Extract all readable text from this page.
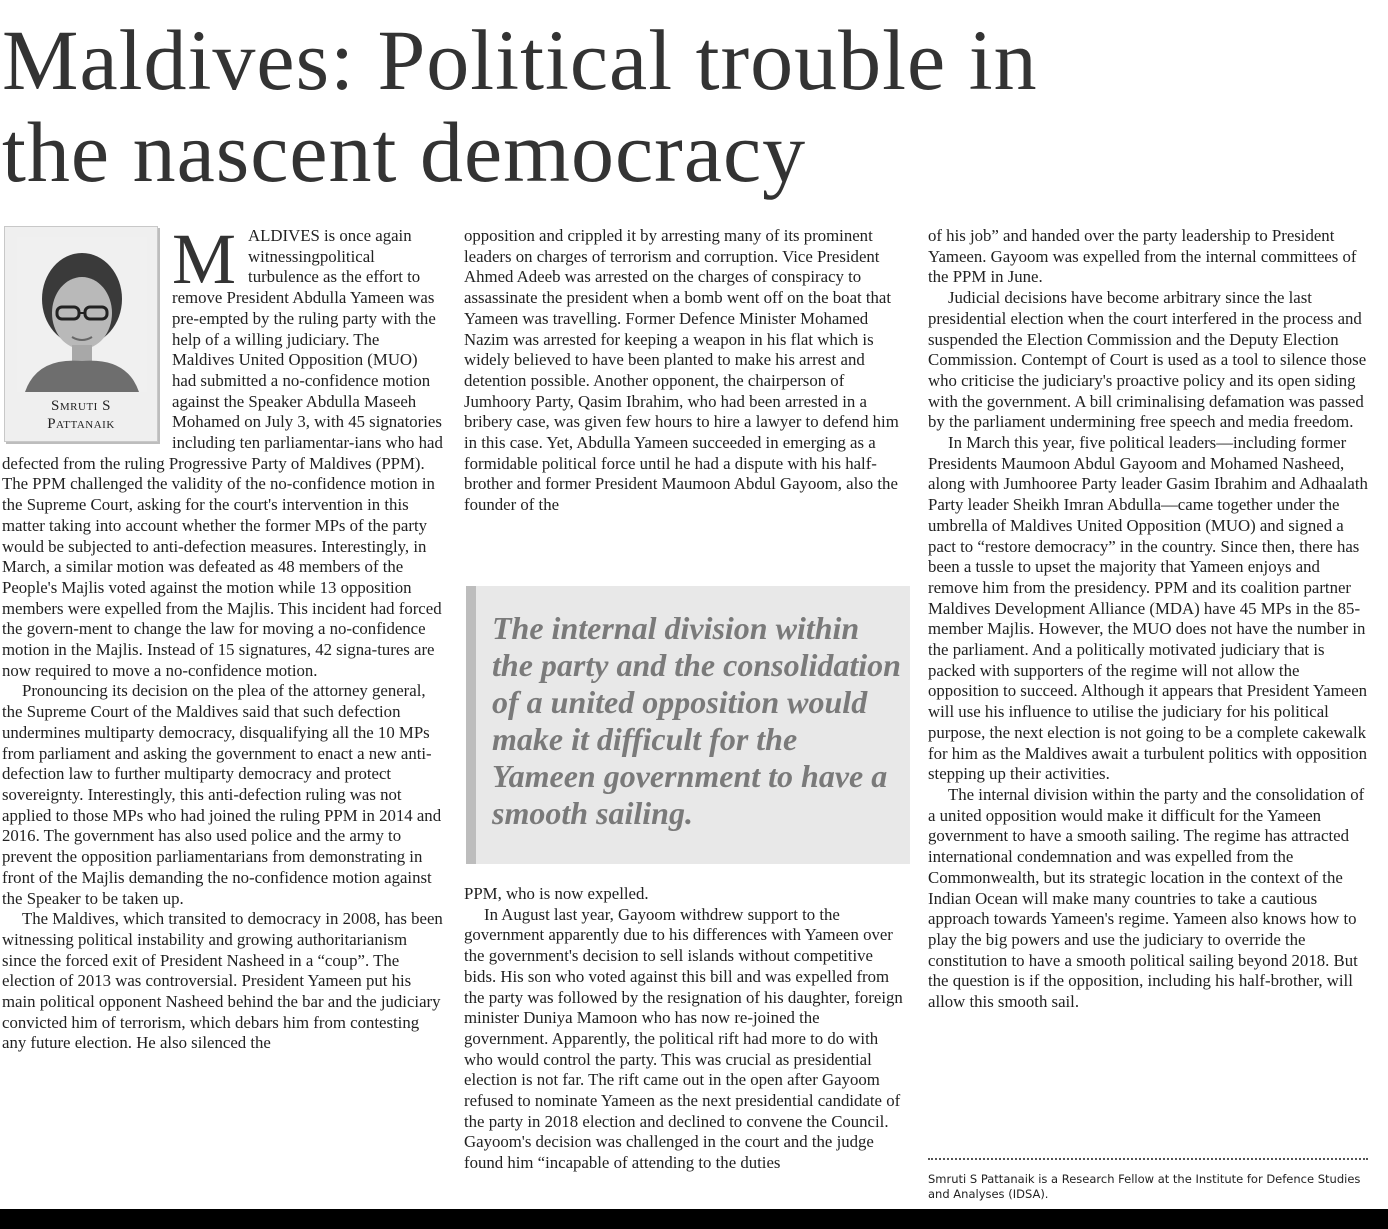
Maldives: Political trouble in
the nascent democracy
Smruti S
Pattanaik

MALDIVES is once again witnessingpolitical turbulence as the effort to remove President Abdulla Yameen was pre-empted by the ruling party with the help of a willing judiciary. The Maldives United Opposition (MUO) had submitted a no-confidence motion against the Speaker Abdulla Maseeh Mohamed on July 3, with 45 signatories including ten parliamentar-ians who had defected from the ruling Progressive Party of Maldives (PPM). The PPM challenged the validity of the no-confidence motion in the Supreme Court, asking for the court's intervention in this matter taking into account whether the former MPs of the party would be subjected to anti-defection measures. Interestingly, in March, a similar motion was defeated as 48 members of the People's Majlis voted against the motion while 13 opposition members were expelled from the Majlis. This incident had forced the govern-ment to change the law for moving a no-confidence motion in the Majlis. Instead of 15 signatures, 42 signa-tures are now required to move a no-confidence motion.

Pronouncing its decision on the plea of the attorney general, the Supreme Court of the Maldives said that such defection undermines multiparty democracy, disqualifying all the 10 MPs from parliament and asking the government to enact a new anti-defection law to further multiparty democracy and protect sovereignty. Interestingly, this anti-defection ruling was not applied to those MPs who had joined the ruling PPM in 2014 and 2016. The government has also used police and the army to prevent the opposition parliamentarians from demonstrating in front of the Majlis demanding the no-confidence motion against the Speaker to be taken up.

The Maldives, which transited to democracy in 2008, has been witnessing political instability and growing authoritarianism since the forced exit of President Nasheed in a “coup”. The election of 2013 was controversial. President Yameen put his main political opponent Nasheed behind the bar and the judiciary convicted him of terrorism, which debars him from contesting any future election. He also silenced the

opposition and crippled it by arresting many of its prominent leaders on charges of terrorism and corruption. Vice President Ahmed Adeeb was arrested on the charges of conspiracy to assassinate the president when a bomb went off on the boat that Yameen was travelling. Former Defence Minister Mohamed Nazim was arrested for keeping a weapon in his flat which is widely believed to have been planted to make his arrest and detention possible. Another opponent, the chairperson of Jumhoory Party, Qasim Ibrahim, who had been arrested in a bribery case, was given few hours to hire a lawyer to defend him in this case. Yet, Abdulla Yameen succeeded in emerging as a formidable political force until he had a dispute with his half-brother and former President Maumoon Abdul Gayoom, also the founder of the

The internal division within the party and the consolidation of a united opposition would make it difficult for the Yameen government to have a smooth sailing.

PPM, who is now expelled.

In August last year, Gayoom withdrew support to the government apparently due to his differences with Yameen over the government's decision to sell islands without competitive bids. His son who voted against this bill and was expelled from the party was followed by the resignation of his daughter, foreign minister Duniya Mamoon who has now re-joined the government. Apparently, the political rift had more to do with who would control the party. This was crucial as presidential election is not far. The rift came out in the open after Gayoom refused to nominate Yameen as the next presidential candidate of the party in 2018 election and declined to convene the Council. Gayoom's decision was challenged in the court and the judge found him “incapable of attending to the duties

of his job” and handed over the party leadership to President Yameen. Gayoom was expelled from the internal committees of the PPM in June.

Judicial decisions have become arbitrary since the last presidential election when the court interfered in the process and suspended the Election Commission and the Deputy Election Commission. Contempt of Court is used as a tool to silence those who criticise the judiciary's proactive policy and its open siding with the government. A bill criminalising defamation was passed by the parliament undermining free speech and media freedom.

In March this year, five political leaders—including former Presidents Maumoon Abdul Gayoom and Mohamed Nasheed, along with Jumhooree Party leader Gasim Ibrahim and Adhaalath Party leader Sheikh Imran Abdulla—came together under the umbrella of Maldives United Opposition (MUO) and signed a pact to “restore democracy” in the country. Since then, there has been a tussle to upset the majority that Yameen enjoys and remove him from the presidency. PPM and its coalition partner Maldives Development Alliance (MDA) have 45 MPs in the 85-member Majlis. However, the MUO does not have the number in the parliament. And a politically motivated judiciary that is packed with supporters of the regime will not allow the opposition to succeed. Although it appears that President Yameen will use his influence to utilise the judiciary for his political purpose, the next election is not going to be a complete cakewalk for him as the Maldives await a turbulent politics with opposition stepping up their activities.

The internal division within the party and the consolidation of a united opposition would make it difficult for the Yameen government to have a smooth sailing. The regime has attracted international condemnation and was expelled from the Commonwealth, but its strategic location in the context of the Indian Ocean will make many countries to take a cautious approach towards Yameen's regime. Yameen also knows how to play the big powers and use the judiciary to override the constitution to have a smooth political sailing beyond 2018. But the question is if the opposition, including his half-brother, will allow this smooth sail.

Smruti S Pattanaik is a Research Fellow at the Institute for Defence Studies and Analyses (IDSA).
